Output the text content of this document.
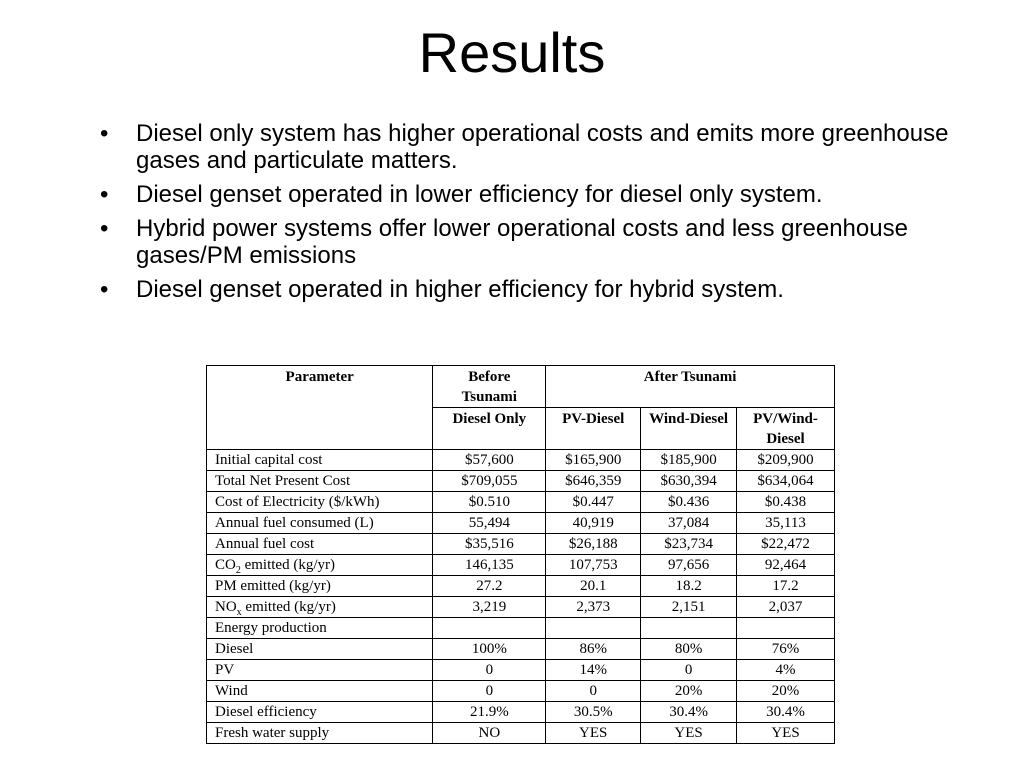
Results
• Diesel only system has higher operational costs and emits more greenhouse gases and particulate matters.
• Diesel genset operated in lower efficiency for diesel only system.
• Hybrid power systems offer lower operational costs and less greenhouse gases/PM emissions
• Diesel genset operated in higher efficiency for hybrid system.
Parameter	Before Tsunami	After Tsunami		
	Diesel Only	PV-Diesel	Wind-Diesel	PV/Wind-Diesel
Initial capital cost	$57,600	$165,900	$185,900	$209,900
Total Net Present Cost	$709,055	$646,359	$630,394	$634,064
Cost of Electricity ($/kWh)	$0.510	$0.447	$0.436	$0.438
Annual fuel consumed (L)	55,494	40,919	37,084	35,113
Annual fuel cost	$35,516	$26,188	$23,734	$22,472
$CO_2$ emitted (kg/yr)	146,135	107,753	97,656	92,464
PM emitted (kg/yr)	27.2	20.1	18.2	17.2
$NO_x$ emitted (kg/yr)	3,219	2,373	2,151	2,037
Energy production				
Diesel	100%	86%	80%	76%
PV	0	14%	0	4%
Wind	0	0	20%	20%
Diesel efficiency	21.9%	30.5%	30.4%	30.4%
Fresh water supply	NO	YES	YES	YES
